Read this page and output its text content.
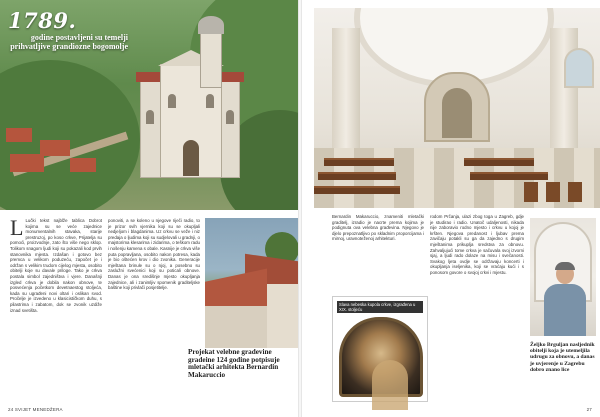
1789.
godine postavljeni su temelji prihvatljive grandiozne bogomolje
L Lučki tekst najblže tablica Dobrot kojima su se veće zajednice monumentalnih stavaka, starije prestruzoj, po koso crkve, Prijatelja su pomoći, proizvodnje, zato što više nego sklop. Tolikom snagom ljudi koji su pokazali kod prvih stanovnika mjesta. Izdašan i gotovo bez premca u velikom poduzeću, započet je i održan s velikim trudom cijelog mjesta, osobito obitelji koje su davale priloge. Tako je crkva postala simbol zajedništva i vjere. Današnji izgled crkva je dobila nakon obnove, te posvećenja početkom devetnaestog stoljeća, kada su ugrađeni novi oltari i oslikan svod. Pročelje je izvedeno u klasicističkom duhu, s pilastrima i zabatom, dok se zvonik uzdiže iznad svetišta.
ponoviti, a se koleno u njegove riječi radio, to je prizor svih vjernika koji su se okupljali nedjeljom i blagdanima. Uz crkvu se veže i niz predaja o ljudima koji su sudjelovali u gradnji, o majstorima klesarima i zidarima, o teškom radu i nošenju kamena s obale. Kasnije je crkva više puta popravljana, osobito nakon potresa, kada je bio oštećen krov i dio zvonika. Generacije mještana brinule su o njoj, a posebno su zaslužni svećenici koji su poticali obnove. Danas je ona središnje mjesto okupljanja zajednice, ali i zanimljiv spomenik graditeljske baštine koji privlači posjetitelje.
Projekat velebne gradevine gradeine 124 godine potpisuje mletački arhitekta Bernardin Makaruccio
24 SVIJET MENEDŽERA
Bernardin Makaruccio, znameniti mletački graditelj, izradio je nacrte prema kojima je podignuta ova velebna građevina. Njegovo je djelo prepoznatljivo po skladnim proporcijama i mirnoj, uravnoteženoj arhitekturi.
Slava nebeska kupola crkve, izgrađena u XIX. stoljeću
rodom Prčanja, ulazi zbog toga u Zagreb, gdje je studirao i radio. Unatoč udaljenosti, nikada nije zaboravio rodno mjesto i crkvu u kojoj je kršten. Njegova predanost i ljubav prema zavičaju potakli su ga da zajedno s drugim mještanima prikuplja sredstva za obnovu. Zahvaljujući tome crkva je sačuvala svoj izvorni sjaj, a ljudi rado dolaze na misu i svečanosti. Svakog ljeta ovdje se održavaju koncerti i okupljanja iseljenika, koji se vraćaju kući i s ponosom govore o svojoj crkvi i mjestu.
Željko Brguljan nasljednik obitelji koja je utemeljila udrugu za obnovu, a danas je uvjerenje u Zagrebu dobro znano lice
27
